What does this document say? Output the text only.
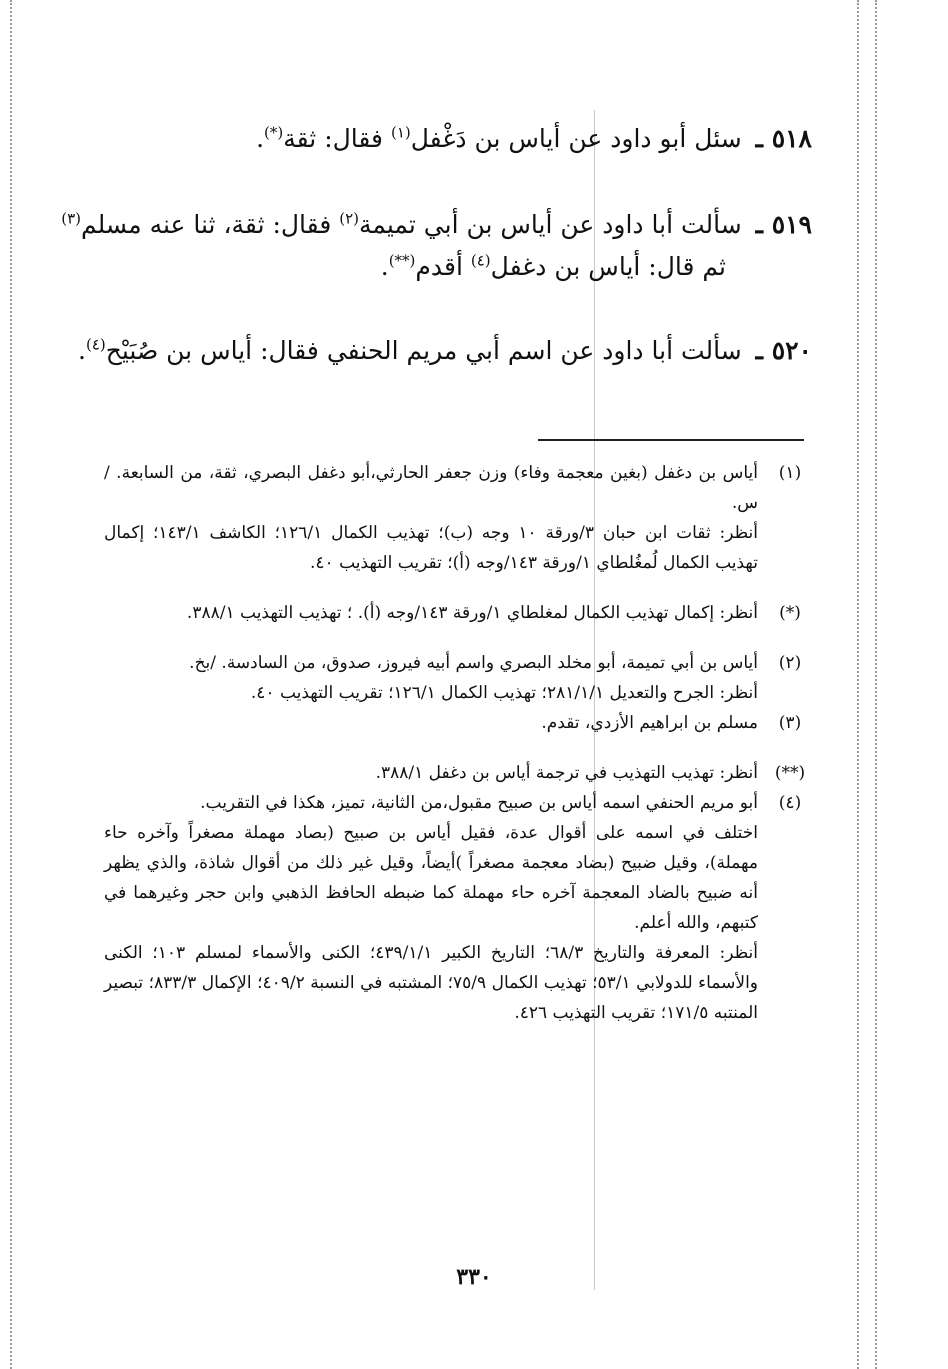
٥١٨ ـ سئل أبو داود عن أياس بن دَغْفل$^{(١)}$ فقال: ثقة(*).
٥١٩ ـ سألت أبا داود عن أياس بن أبي تميمة$^{(٢)}$ فقال: ثقة، ثنا عنه مسلم$^{(٣)}$
ثم قال: أياس بن دغفل$^{(٤)}$ أقدم(**).
٥٢٠ ـ سألت أبا داود عن اسم أبي مريم الحنفي فقال: أياس بن صُبَيْح$^{(٤)}$.
(١)

أياس بن دغفل (بغين معجمة وفاء) وزن جعفر الحارثي،أبو دغفل البصري، ثقة، من السابعة. /س.

أنظر: ثقات ابن حبان ٣/ورقة ١٠ وجه (ب)؛ تهذيب الكمال ١٢٦/١؛ الكاشف ١٤٣/١؛ إكمال تهذيب الكمال لُمغُلطاي ١/ورقة ١٤٣/وجه (أ)؛ تقريب التهذيب ٤٠.

(*)

أنظر: إكمال تهذيب الكمال لمغلطاي ١/ورقة ١٤٣/وجه (أ). ؛ تهذيب التهذيب ٣٨٨/١.

(٢)

أياس بن أبي تميمة، أبو مخلد البصري واسم أبيه فيروز، صدوق، من السادسة. /بخ.

أنظر: الجرح والتعديل ٢٨١/١/١؛ تهذيب الكمال ١٢٦/١؛ تقريب التهذيب ٤٠.

(٣)

مسلم بن ابراهيم الأزدي، تقدم.

(**)

أنظر: تهذيب التهذيب في ترجمة أياس بن دغفل ٣٨٨/١.

(٤)

أبو مريم الحنفي اسمه أياس بن صبيح مقبول،من الثانية، تميز، هكذا في التقريب.

اختلف في اسمه على أقوال عدة، فقيل أياس بن صبيح (بصاد مهملة مصغراً وآخره حاء مهملة)، وقيل ضبيح (بضاد معجمة مصغراً )أيضاً، وقيل غير ذلك من أقوال شاذة، والذي يظهر أنه ضبيح بالضاد المعجمة آخره حاء مهملة كما ضبطه الحافظ الذهبي وابن حجر وغيرهما في كتبهم، والله أعلم.

أنظر: المعرفة والتاريخ ٦٨/٣؛ التاريخ الكبير ٤٣٩/١/١؛ الكنى والأسماء لمسلم ١٠٣؛ الكنى والأسماء للدولابي ٥٣/١؛ تهذيب الكمال ٧٥/٩؛ المشتبه في النسبة ٤٠٩/٢؛ الإكمال ٨٣٣/٣؛ تبصير المنتبه ١٧١/٥؛ تقريب التهذيب ٤٢٦.

٣٣٠
